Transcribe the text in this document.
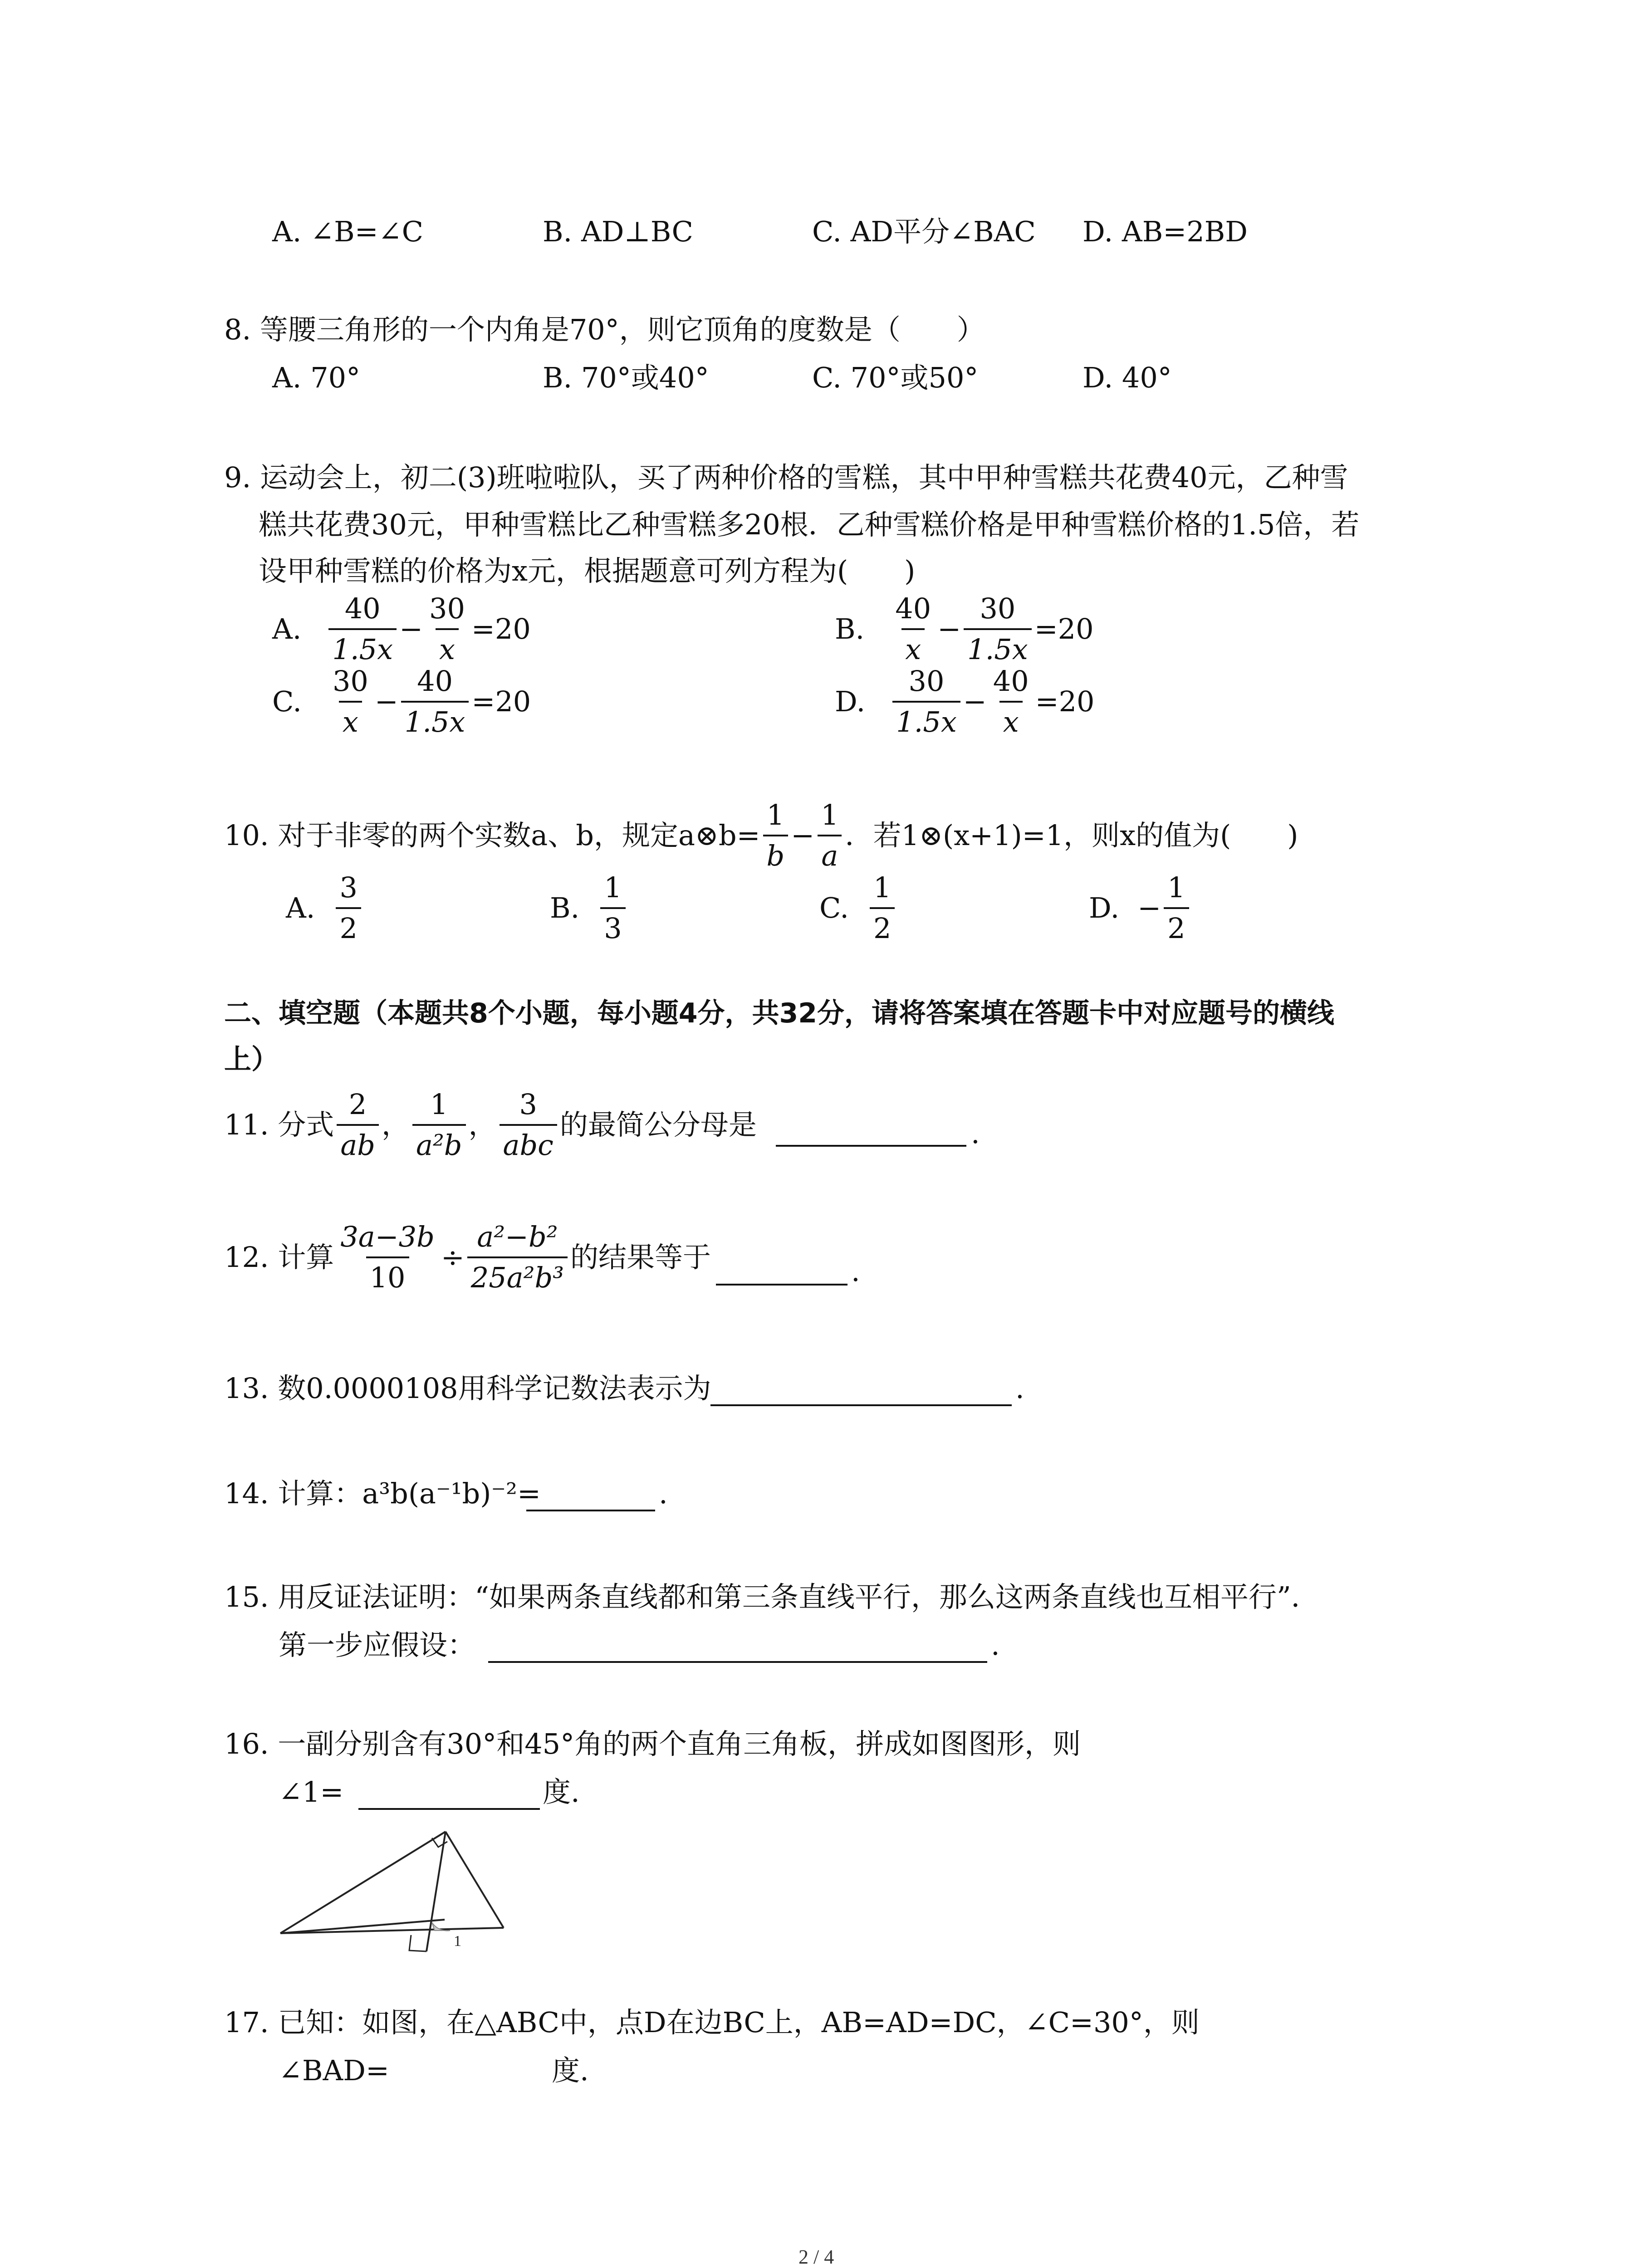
A. ∠B=∠C	B. AD⊥BC	C. AD平分∠BAC D. AB=2BD
8. 等腰三角形的一个内角是70°，则它顶角的度数是（　　）
A. 70°	B. 70°或40°	C. 70°或50°	D. 40°
9. 运动会上，初二(3)班啦啦队，买了两种价格的雪糕，其中甲种雪糕共花费40元，乙种雪
糕共花费30元，甲种雪糕比乙种雪糕多20根．乙种雪糕价格是甲种雪糕价格的1.5倍，若
设甲种雪糕的价格为x元，根据题意可列方程为(　　)
A. $\frac{40}{1.5x} - \frac{30}{x} =20$	B. $\frac{40}{x} - \frac{30}{1.5x} =20$
C. $\frac{30}{x} - \frac{40}{1.5x} =20$	D. $\frac{30}{1.5x} - \frac{40}{x} =20$
10. 对于非零的两个实数a、b，规定a⊗b= $\frac{1}{b} - \frac{1}{a}$ ．若1⊗(x+1)=1，则x的值为(　　)
A. $\frac{3}{2}$	B. $\frac{1}{3}$	C. $\frac{1}{2}$	D. − $\frac{1}{2}$
二、填空题（本题共8个小题，每小题4分，共32分，请将答案填在答题卡中对应题号的横线
上）
11. 分式 $\frac{2}{ab}$ ， $\frac{1}{\text{a²b}}$ ， $\frac{3}{\text{abc}}$ 的最简公分母是	.
12. 计算 $\frac{3a-3b}{10} \div \frac{\text{a²−b²}}{\text{25a²b³}}$ 的结果等于	.
13. 数0.0000108用科学记数法表示为	.
14. 计算：a³b(a⁻¹b)⁻²=	.
15. 用反证法证明：“如果两条直线都和第三条直线平行，那么这两条直线也互相平行”．
第一步应假设：	.
16. 一副分别含有30°和45°角的两个直角三角板，拼成如图图形，则
∠1=	度.
1
17. 已知：如图，在△ABC中，点D在边BC上，AB=AD=DC，∠C=30°，则
∠BAD=	度.
2 / 4
